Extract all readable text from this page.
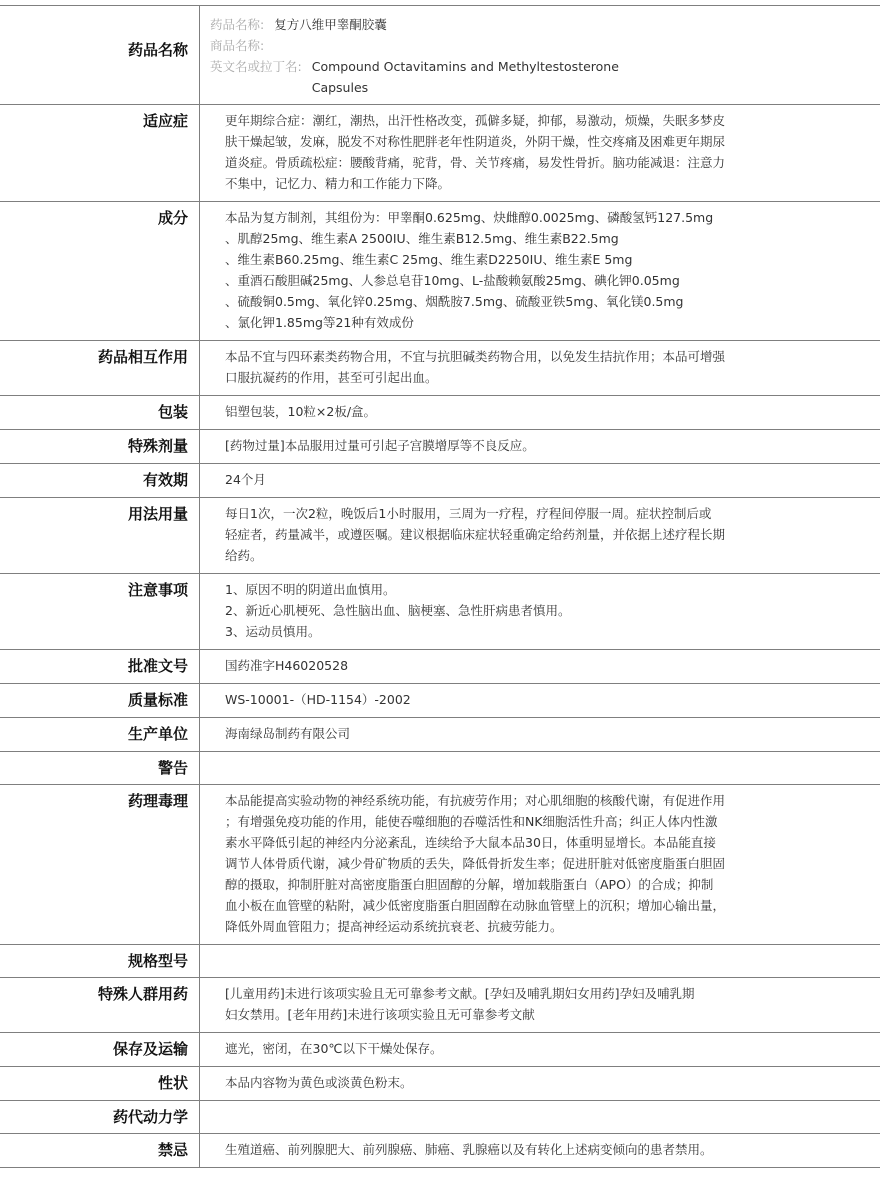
药品名称
药品名称: 复方八维甲睾酮胶囊
商品名称:
英文名或拉丁名: Compound Octavitamins and Methyltestosterone Capsules
适应症	更年期综合症：潮红，潮热，出汗性格改变，孤僻多疑，抑郁，易激动，烦燥，失眠多梦皮
肤干燥起皱，发麻，脱发不对称性肥胖老年性阴道炎，外阴干燥，性交疼痛及困难更年期尿
道炎症。骨质疏松症：腰酸背痛，驼背，骨、关节疼痛，易发性骨折。脑功能减退：注意力
不集中，记忆力、精力和工作能力下降。
成分	本品为复方制剂，其组份为：甲睾酮0.625mg、炔雌醇0.0025mg、磷酸氢钙127.5mg
、肌醇25mg、维生素A 2500IU、维生素B12.5mg、维生素B22.5mg
、维生素B60.25mg、维生素C 25mg、维生素D2250IU、维生素E 5mg
、重酒石酸胆碱25mg、人参总皂苷10mg、L-盐酸赖氨酸25mg、碘化钾0.05mg
、硫酸铜0.5mg、氧化锌0.25mg、烟酰胺7.5mg、硫酸亚铁5mg、氧化镁0.5mg
、氯化钾1.85mg等21种有效成份
药品相互作用	本品不宜与四环素类药物合用，不宜与抗胆碱类药物合用，以免发生拮抗作用；本品可增强
口服抗凝药的作用，甚至可引起出血。
包装	铝塑包装，10粒×2板/盒。
特殊剂量	[药物过量]本品服用过量可引起子宫膜增厚等不良反应。
有效期	24个月
用法用量	每日1次，一次2粒，晚饭后1小时服用，三周为一疗程，疗程间停服一周。症状控制后或
轻症者，药量减半，或遵医嘱。建议根据临床症状轻重确定给药剂量，并依据上述疗程长期
给药。
注意事项	1、原因不明的阴道出血慎用。
2、新近心肌梗死、急性脑出血、脑梗塞、急性肝病患者慎用。
3、运动员慎用。
批准文号	国药准字H46020528
质量标准	WS-10001-（HD-1154）-2002
生产单位	海南绿岛制药有限公司
警告
药理毒理	本品能提高实验动物的神经系统功能，有抗疲劳作用；对心肌细胞的核酸代谢，有促进作用
；有增强免疫功能的作用，能使吞噬细胞的吞噬活性和NK细胞活性升高；纠正人体内性激
素水平降低引起的神经内分泌紊乱，连续给予大鼠本品30日，体重明显增长。本品能直接
调节人体骨质代谢，减少骨矿物质的丢失，降低骨折发生率；促进肝脏对低密度脂蛋白胆固
醇的摄取，抑制肝脏对高密度脂蛋白胆固醇的分解，增加载脂蛋白（APO）的合成；抑制
血小板在血管壁的粘附，减少低密度脂蛋白胆固醇在动脉血管壁上的沉积；增加心输出量，
降低外周血管阻力；提高神经运动系统抗衰老、抗疲劳能力。
规格型号
特殊人群用药	[儿童用药]未进行该项实验且无可靠参考文献。[孕妇及哺乳期妇女用药]孕妇及哺乳期
妇女禁用。[老年用药]未进行该项实验且无可靠参考文献
保存及运输	遮光，密闭，在30℃以下干燥处保存。
性状	本品内容物为黄色或淡黄色粉末。
药代动力学
禁忌	生殖道癌、前列腺肥大、前列腺癌、肺癌、乳腺癌以及有转化上述病变倾向的患者禁用。
